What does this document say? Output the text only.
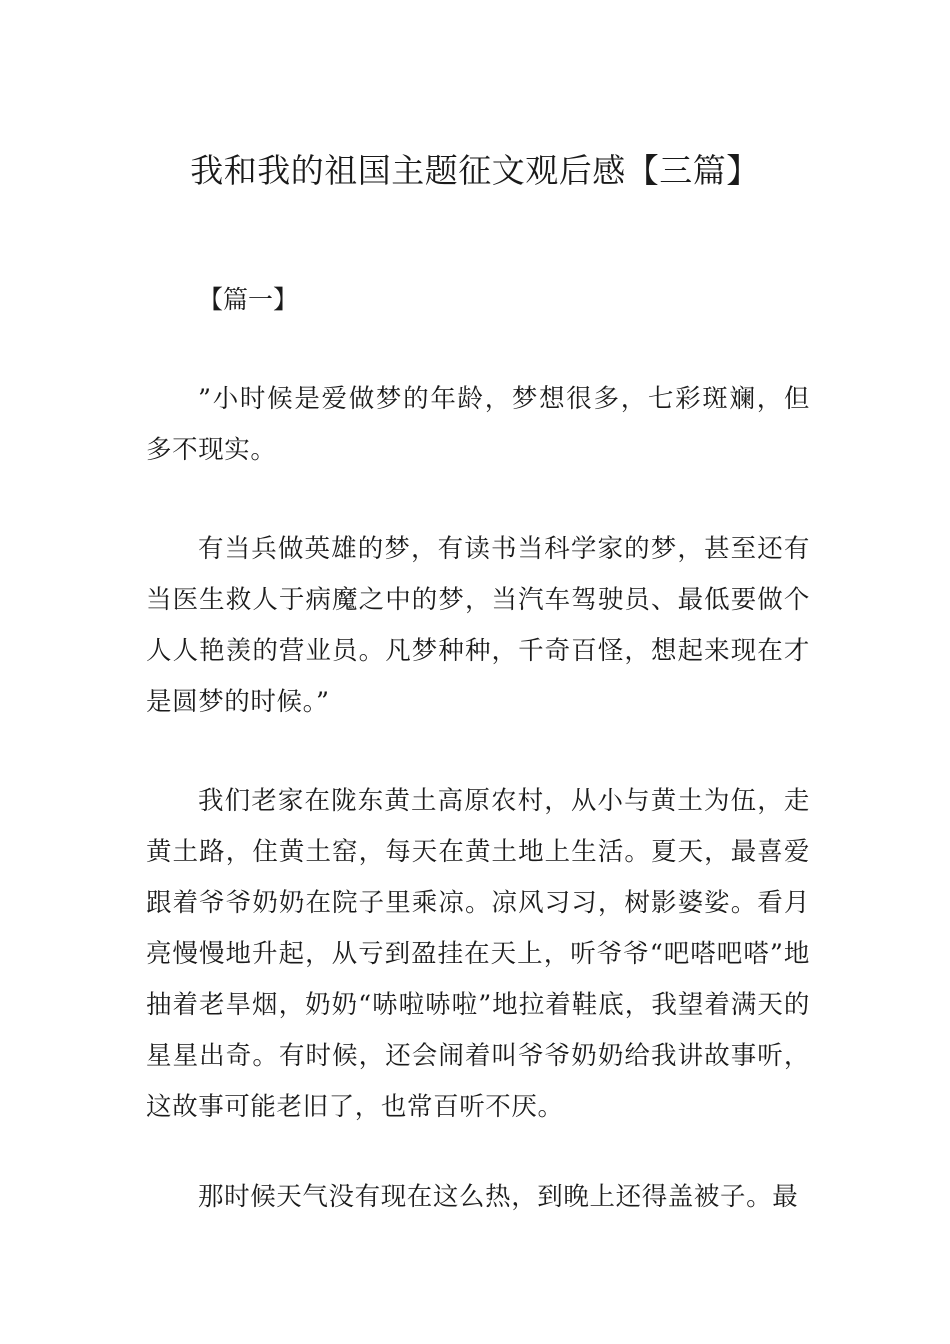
我和我的祖国主题征文观后感【三篇】
【篇一】

”小时候是爱做梦的年龄，梦想很多，七彩斑斓，但多不现实。

有当兵做英雄的梦，有读书当科学家的梦，甚至还有当医生救人于病魔之中的梦，当汽车驾驶员、最低要做个人人艳羡的营业员。凡梦种种，千奇百怪，想起来现在才是圆梦的时候。”

我们老家在陇东黄土高原农村，从小与黄土为伍，走黄土路，住黄土窑，每天在黄土地上生活。夏天，最喜爱跟着爷爷奶奶在院子里乘凉。凉风习习，树影婆娑。看月亮慢慢地升起，从亏到盈挂在天上，听爷爷“吧嗒吧嗒”地抽着老旱烟，奶奶“哧啦哧啦”地拉着鞋底，我望着满天的星星出奇。有时候，还会闹着叫爷爷奶奶给我讲故事听，这故事可能老旧了，也常百听不厌。

那时候天气没有现在这么热，到晚上还得盖被子。最
